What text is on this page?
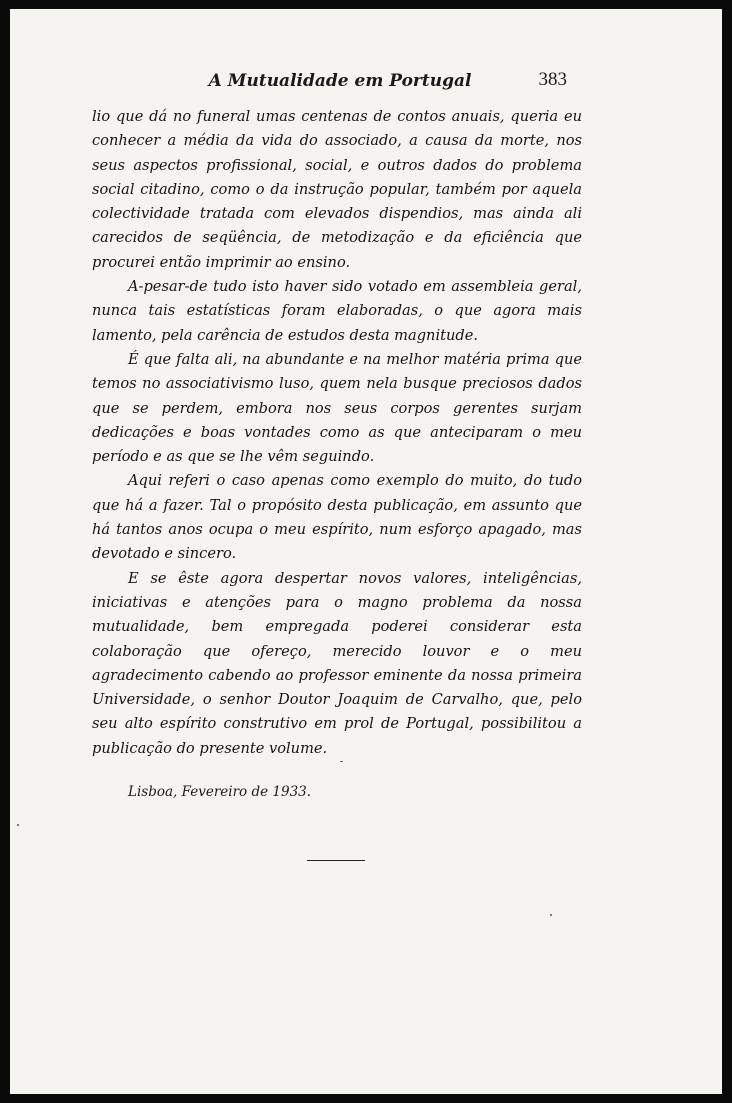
A Mutualidade em Portugal	383

lio que dá no funeral umas centenas de contos anuais, queria eu conhecer a média da vida do associado, a causa da morte, nos seus aspectos profissional, social, e outros dados do problema social citadino, como o da instrução popular, também por aquela colectividade tratada com elevados dispendios, mas ainda ali carecidos de seqüência, de metodização e da eficiência que procurei então imprimir ao ensino.

A-pesar-de tudo isto haver sido votado em assembleia geral, nunca tais estatísticas foram elaboradas, o que agora mais lamento, pela carência de estudos desta magnitude.

É que falta ali, na abundante e na melhor matéria prima que temos no associativismo luso, quem nela busque preciosos dados que se perdem, embora nos seus corpos gerentes surjam dedicações e boas vontades como as que anteciparam o meu período e as que se lhe vêm seguindo.

Aqui referi o caso apenas como exemplo do muito, do tudo que há a fazer. Tal o propósito desta publicação, em assunto que há tantos anos ocupa o meu espírito, num esforço apagado, mas devotado e sincero.

E se êste agora despertar novos valores, inteligências, iniciativas e atenções para o magno problema da nossa mutualidade, bem empregada poderei considerar esta colaboração que ofereço, merecido louvor e o meu agradecimento cabendo ao professor eminente da nossa primeira Universidade, o senhor Doutor Joaquim de Carvalho, que, pelo seu alto espírito construtivo em prol de Portugal, possibilitou a publicação do presente volume.

Lisboa, Fevereiro de 1933.
